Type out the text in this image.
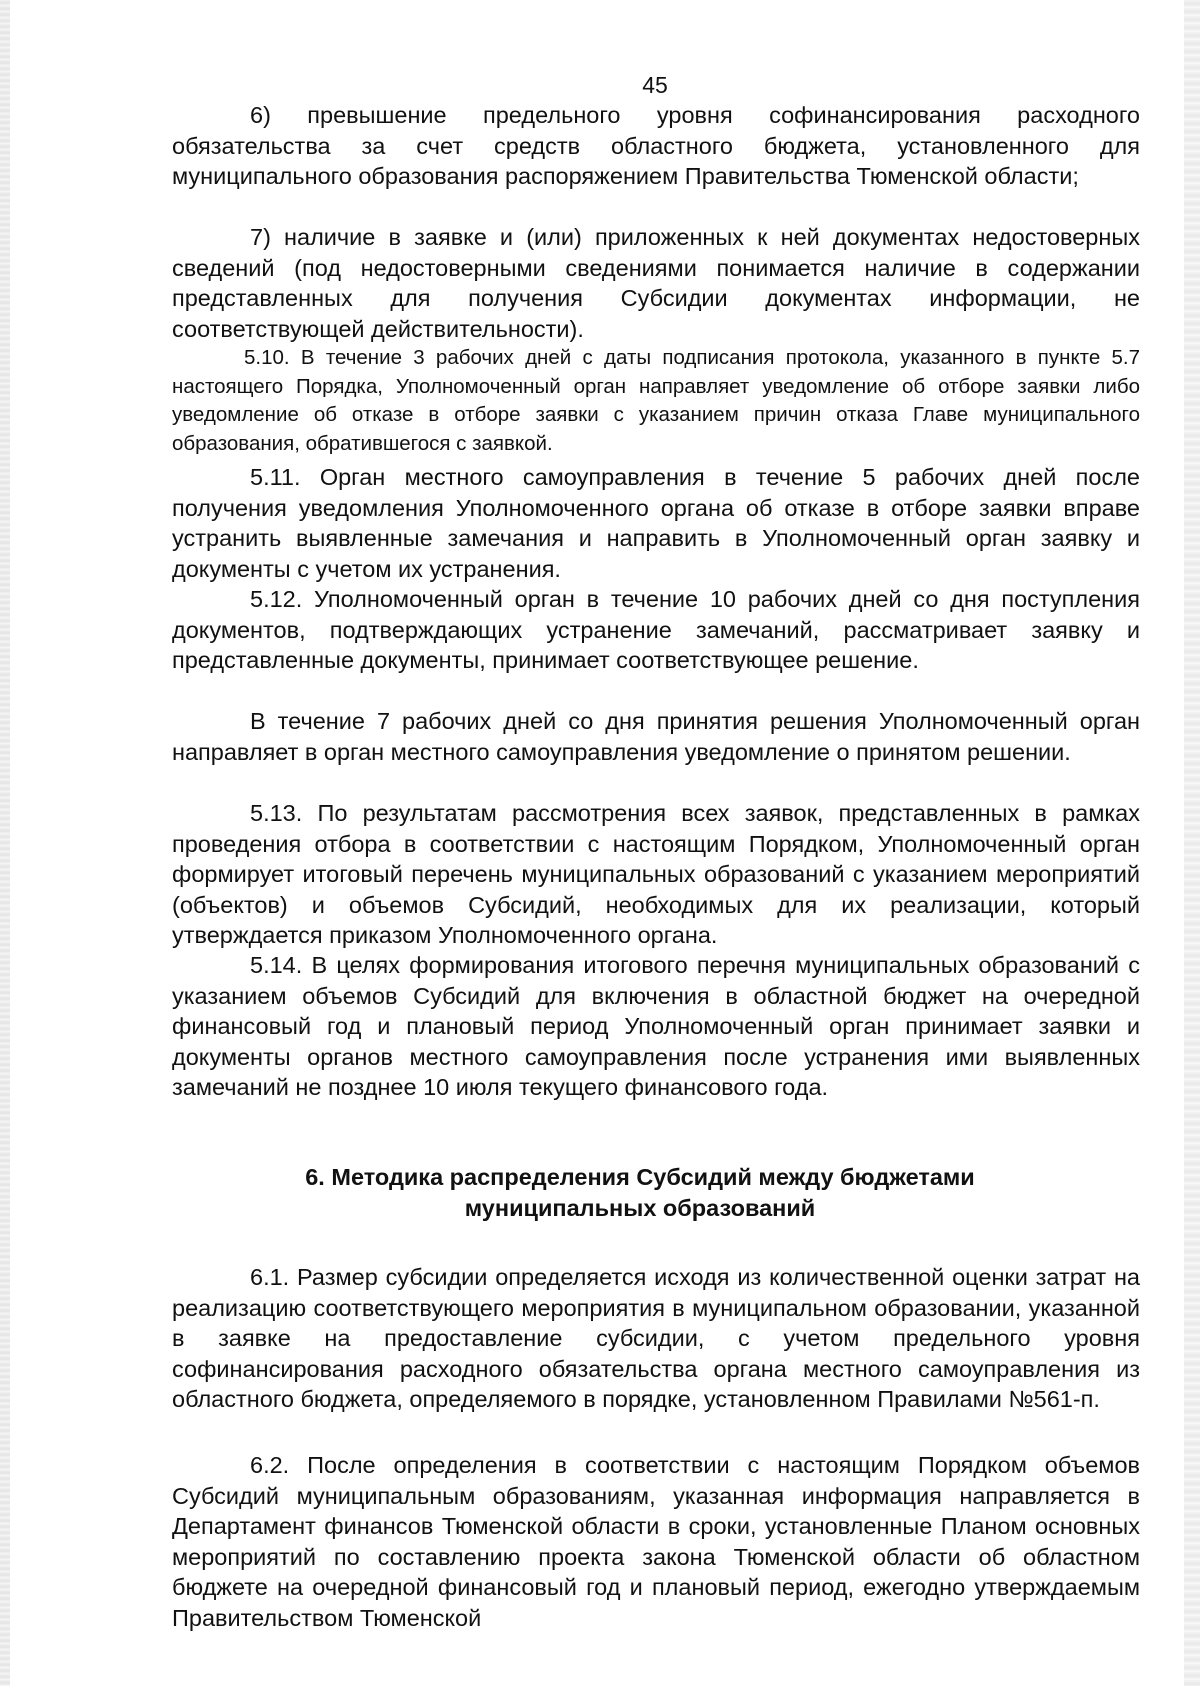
45

6) превышение предельного уровня софинансирования расходного обязательства за счет средств областного бюджета, установленного для муниципального образования распоряжением Правительства Тюменской области;

7) наличие в заявке и (или) приложенных к ней документах недостоверных сведений (под недостоверными сведениями понимается наличие в содержании представленных для получения Субсидии документах информации, не соответствующей действительности).

5.10. В течение 3 рабочих дней с даты подписания протокола, указанного в пункте 5.7 настоящего Порядка, Уполномоченный орган направляет уведомление об отборе заявки либо уведомление об отказе в отборе заявки с указанием причин отказа Главе муниципального образования, обратившегося с заявкой.

5.11. Орган местного самоуправления в течение 5 рабочих дней после получения уведомления Уполномоченного органа об отказе в отборе заявки вправе устранить выявленные замечания и направить в Уполномоченный орган заявку и документы с учетом их устранения.

5.12. Уполномоченный орган в течение 10 рабочих дней со дня поступления документов, подтверждающих устранение замечаний, рассматривает заявку и представленные документы, принимает соответствующее решение.

В течение 7 рабочих дней со дня принятия решения Уполномоченный орган направляет в орган местного самоуправления уведомление о принятом решении.

5.13. По результатам рассмотрения всех заявок, представленных в рамках проведения отбора в соответствии с настоящим Порядком, Уполномоченный орган формирует итоговый перечень муниципальных образований с указанием мероприятий (объектов) и объемов Субсидий, необходимых для их реализации, который утверждается приказом Уполномоченного органа.

5.14. В целях формирования итогового перечня муниципальных образований с указанием объемов Субсидий для включения в областной бюджет на очередной финансовый год и плановый период Уполномоченный орган принимает заявки и документы органов местного самоуправления после устранения ими выявленных замечаний не позднее 10 июля текущего финансового года.

6. Методика распределения Субсидий между бюджетами

муниципальных образований

6.1. Размер субсидии определяется исходя из количественной оценки затрат на реализацию соответствующего мероприятия в муниципальном образовании, указанной в заявке на предоставление субсидии, с учетом предельного уровня софинансирования расходного обязательства органа местного самоуправления из областного бюджета, определяемого в порядке, установленном Правилами №561-п.

6.2. После определения в соответствии с настоящим Порядком объемов Субсидий муниципальным образованиям, указанная информация направляется в Департамент финансов Тюменской области в сроки, установленные Планом основных мероприятий по составлению проекта закона Тюменской области об областном бюджете на очередной финансовый год и плановый период, ежегодно утверждаемым Правительством Тюменской
